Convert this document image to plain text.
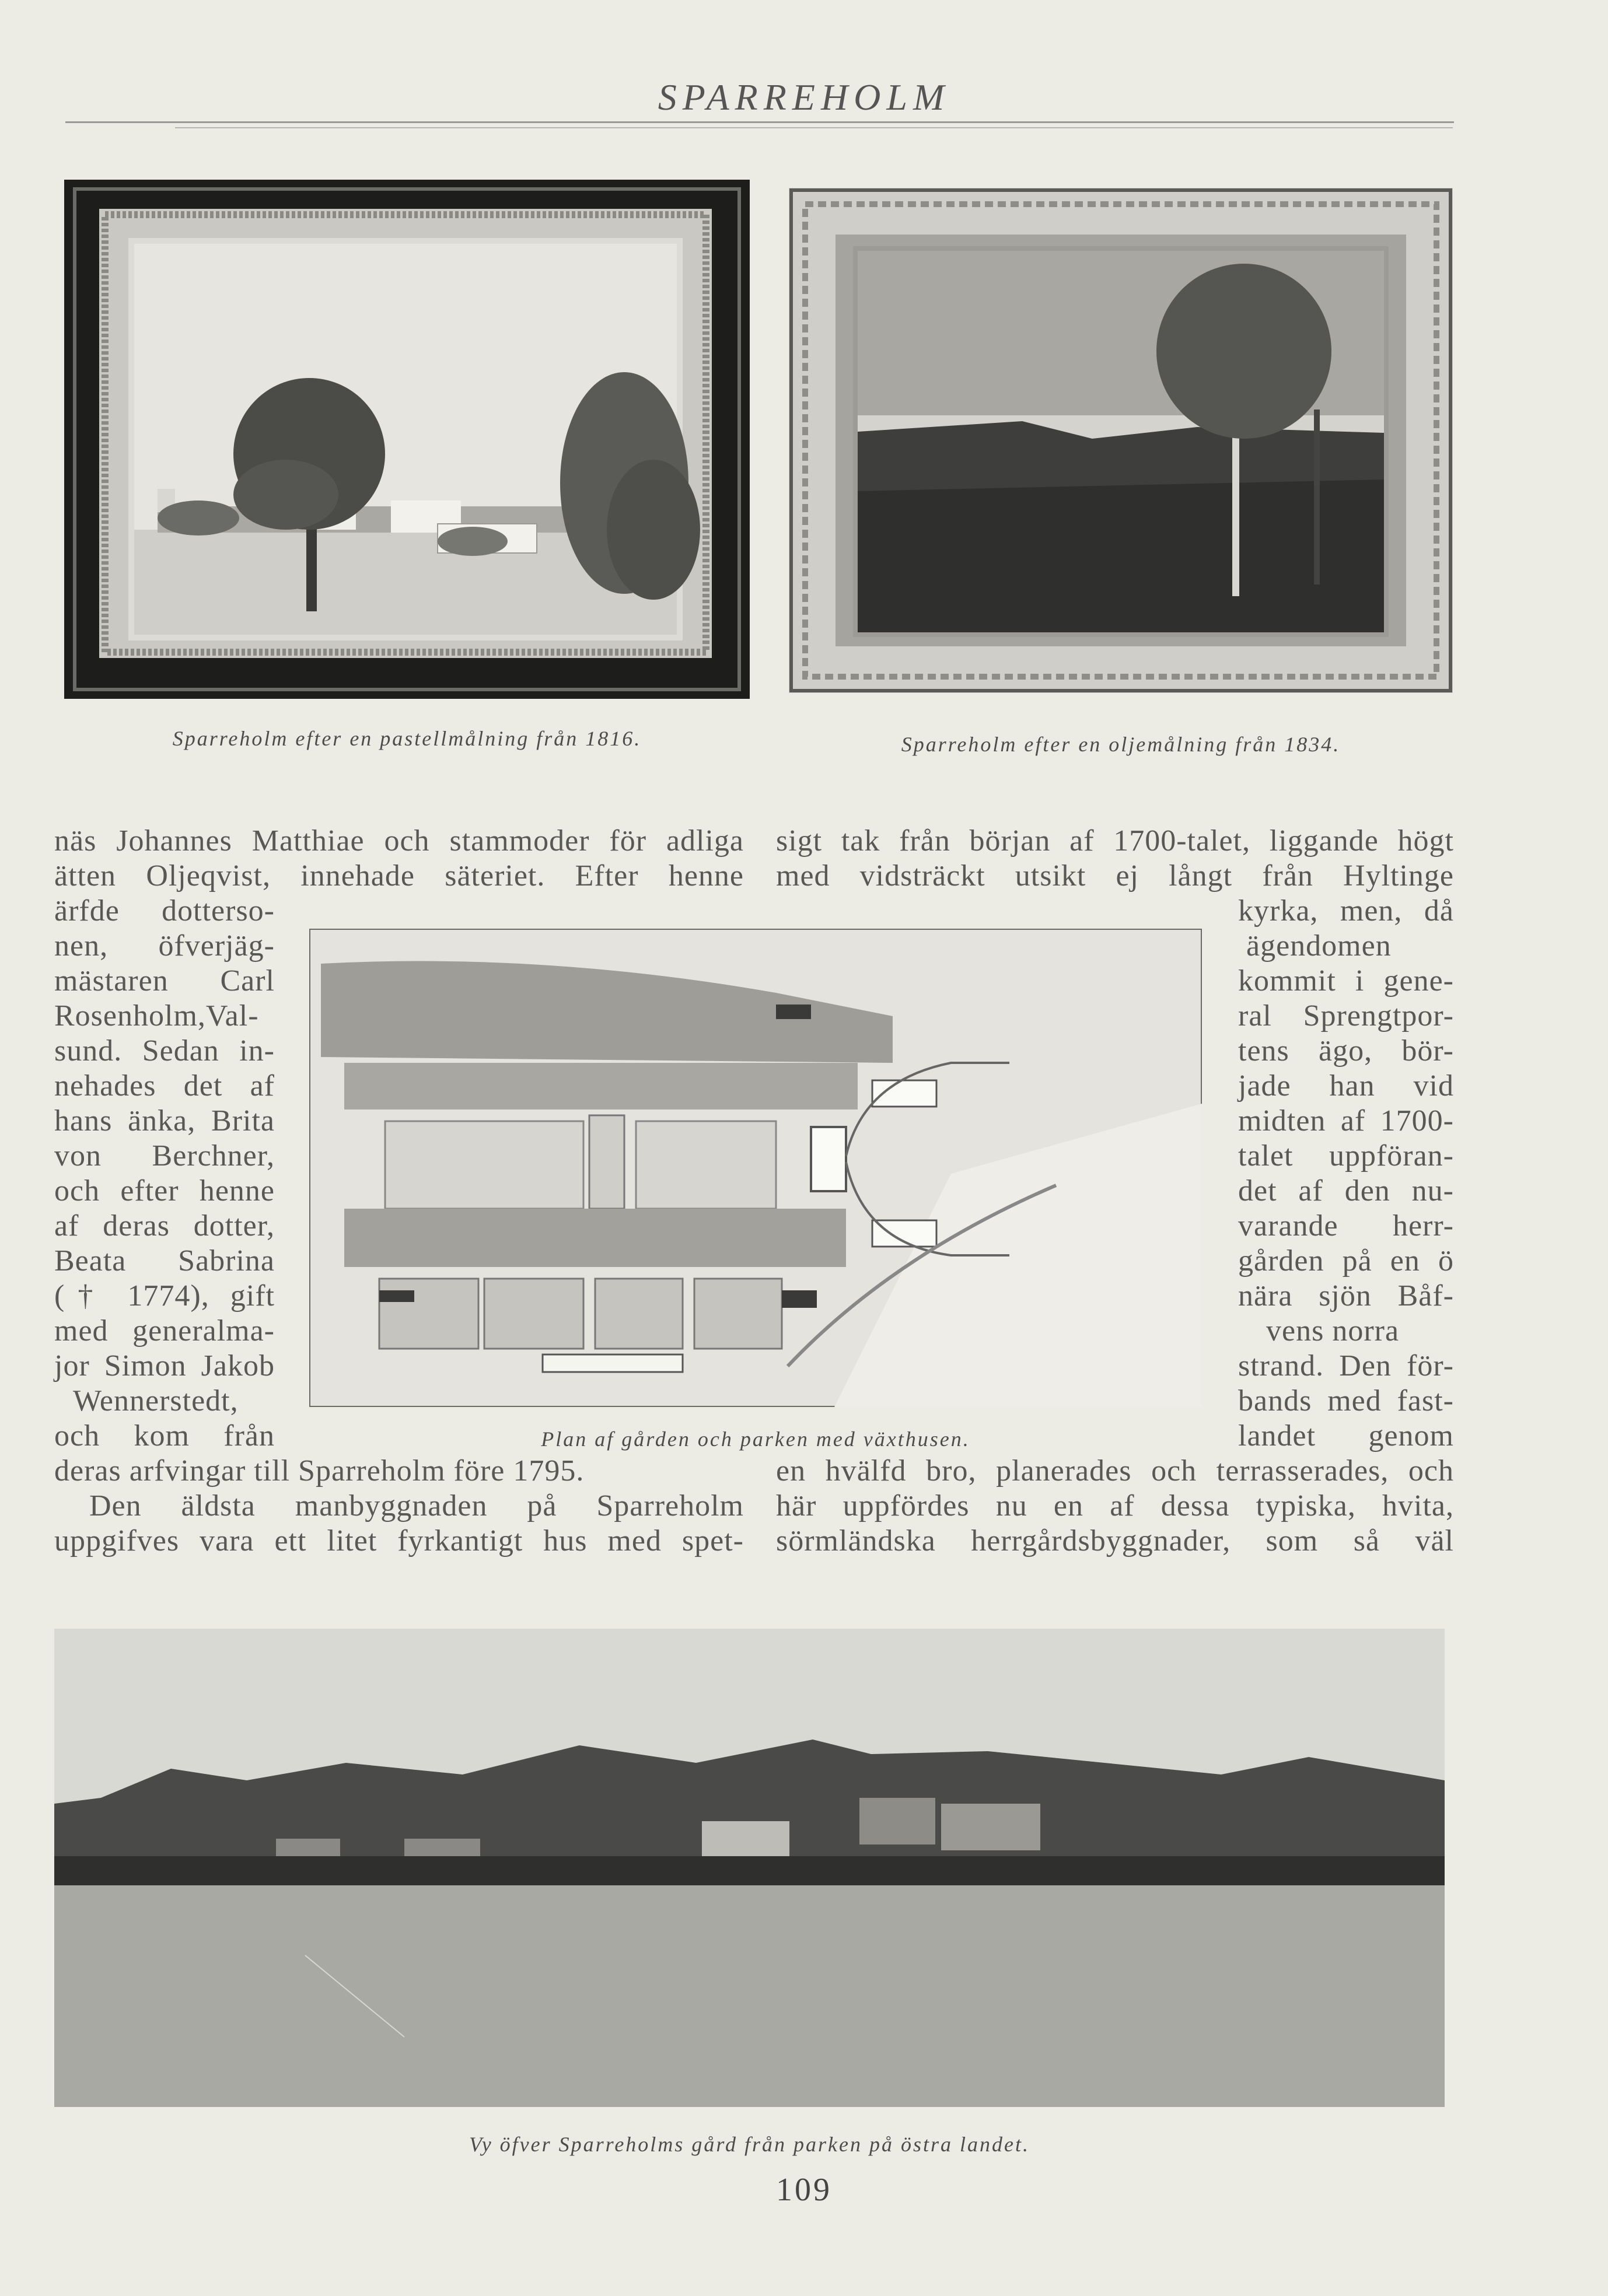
SPARREHOLM
Sparreholm efter en pastellmålning från 1816.	Sparreholm efter en oljemålning från 1834.
näs Johannes Matthiae och stammoder för adliga
ätten Oljeqvist, innehade säteriet. Efter henne
ärfde dotterso-
nen, öfverjäg-
mästaren Carl
Rosenholm,Val-
sund. Sedan in-
nehades det af
hans änka, Brita
von Berchner,
och efter henne
af deras dotter,
Beata Sabrina
(† 1774), gift
med generalma-
jor Simon Jakob
Wennerstedt,
och kom från
deras arfvingar till Sparreholm före 1795.
Den äldsta manbyggnaden på Sparreholm
uppgifves vara ett litet fyrkantigt hus med spet-
sigt tak från början af 1700-talet, liggande högt
med vidsträckt utsikt ej långt från Hyltinge
kyrka, men, då
ägendomen
kommit i gene-
ral Sprengtpor-
tens ägo, bör-
jade han vid
midten af 1700-
talet uppföran-
det af den nu-
varande herr-
gården på en ö
nära sjön Båf-
vens norra
strand. Den för-
bands med fast-
landet genom
en hvälfd bro, planerades och terrasserades, och
här uppfördes nu en af dessa typiska, hvita,
sörmländska herrgårdsbyggnader, som så väl
Plan af gården och parken med växthusen.
Vy öfver Sparreholms gård från parken på östra landet.
109
